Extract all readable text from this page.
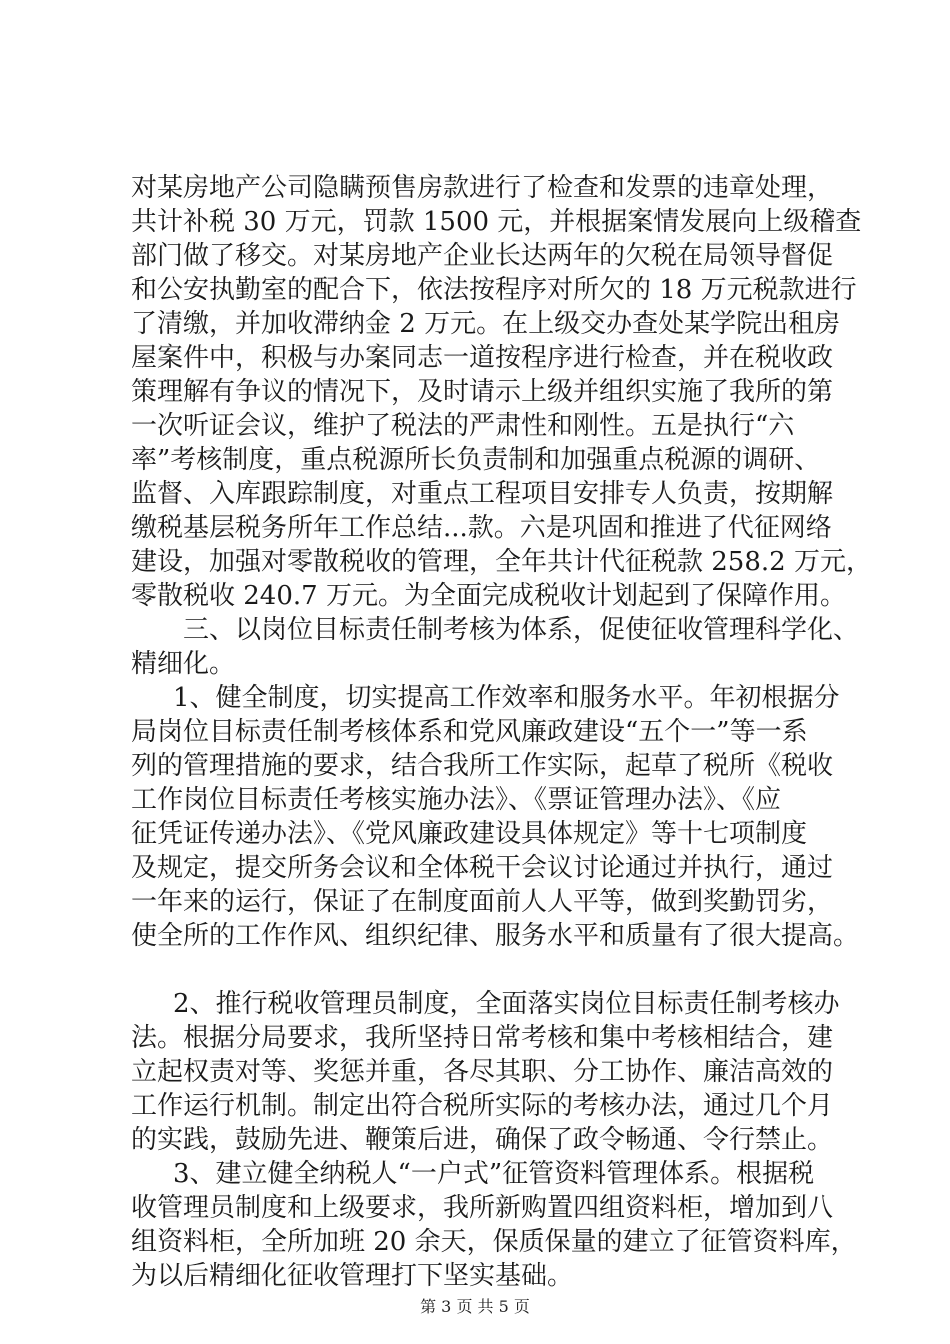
对某房地产公司隐瞒预售房款进行了检查和发票的违章处理，
共计补税 30 万元，罚款 1500 元，并根据案情发展向上级稽查
部门做了移交。对某房地产企业长达两年的欠税在局领导督促
和公安执勤室的配合下，依法按程序对所欠的 18 万元税款进行
了清缴，并加收滞纳金 2 万元。在上级交办查处某学院出租房
屋案件中，积极与办案同志一道按程序进行检查，并在税收政
策理解有争议的情况下，及时请示上级并组织实施了我所的第
一次听证会议，维护了税法的严肃性和刚性。五是执行“六
率”考核制度，重点税源所长负责制和加强重点税源的调研、
监督、入库跟踪制度，对重点工程项目安排专人负责，按期解
缴税基层税务所年工作总结...款。六是巩固和推进了代征网络
建设，加强对零散税收的管理，全年共计代征税款 258.2 万元，
零散税收 240.7 万元。为全面完成税收计划起到了保障作用。
三、以岗位目标责任制考核为体系，促使征收管理科学化、
精细化。
1、健全制度，切实提高工作效率和服务水平。年初根据分
局岗位目标责任制考核体系和党风廉政建设“五个一”等一系
列的管理措施的要求，结合我所工作实际，起草了税所《税收
工作岗位目标责任考核实施办法》、《票证管理办法》、《应
征凭证传递办法》、《党风廉政建设具体规定》等十七项制度
及规定，提交所务会议和全体税干会议讨论通过并执行，通过
一年来的运行，保证了在制度面前人人平等，做到奖勤罚劣，
使全所的工作作风、组织纪律、服务水平和质量有了很大提高。
2、推行税收管理员制度，全面落实岗位目标责任制考核办
法。根据分局要求，我所坚持日常考核和集中考核相结合，建
立起权责对等、奖惩并重，各尽其职、分工协作、廉洁高效的
工作运行机制。制定出符合税所实际的考核办法，通过几个月
的实践，鼓励先进、鞭策后进，确保了政令畅通、令行禁止。
3、建立健全纳税人“一户式”征管资料管理体系。根据税
收管理员制度和上级要求，我所新购置四组资料柜，增加到八
组资料柜，全所加班 20 余天，保质保量的建立了征管资料库，
为以后精细化征收管理打下坚实基础。
第 3 页 共 5 页
